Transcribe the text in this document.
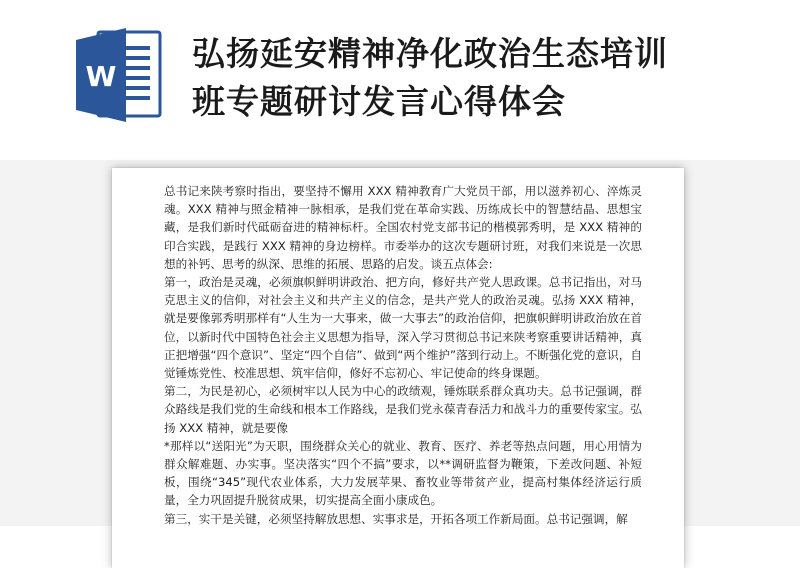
W
弘扬延安精神净化政治生态培训
班专题研讨发言心得体会

总书记来陕考察时指出，要坚持不懈用 XXX 精神教育广大党员干部，用以滋养初心、淬炼灵魂。XXX 精神与照金精神一脉相承，是我们党在革命实践、历练成长中的智慧结晶、思想宝藏，是我们新时代砥砺奋进的精神标杆。全国农村党支部书记的楷模郭秀明，是 XXX 精神的印合实践，是践行 XXX 精神的身边榜样。市委举办的这次专题研讨班，对我们来说是一次思想的补钙、思考的纵深、思维的拓展、思路的启发。谈五点体会:

第一，政治是灵魂，必须旗帜鲜明讲政治、把方向，修好共产党人思政课。总书记指出，对马克思主义的信仰，对社会主义和共产主义的信念，是共产党人的政治灵魂。弘扬 XXX 精神，就是要像郭秀明那样有“人生为一大事来，做一大事去”的政治信仰，把旗帜鲜明讲政治放在首位，以新时代中国特色社会主义思想为指导，深入学习贯彻总书记来陕考察重要讲话精神，真正把增强“四个意识”、坚定“四个自信”、做到“两个维护”落到行动上。不断强化党的意识，自觉锤炼党性、校准思想、筑牢信仰，修好不忘初心、牢记使命的终身课题。

第二，为民是初心，必须树牢以人民为中心的政绩观，锤炼联系群众真功夫。总书记强调，群众路线是我们党的生命线和根本工作路线，是我们党永葆青春活力和战斗力的重要传家宝。弘扬 XXX 精神，就是要像

*那样以“送阳光”为天职，围绕群众关心的就业、教育、医疗、养老等热点问题，用心用情为群众解难题、办实事。坚决落实“四个不搞”要求，以**调研监督为鞭策，下差改问题、补短板，围绕“345”现代农业体系，大力发展苹果、畜牧业等带贫产业，提高村集体经济运行质量，全力巩固提升脱贫成果，切实提高全面小康成色。

第三，实干是关键，必须坚持解放思想、实事求是，开拓各项工作新局面。总书记强调，解
